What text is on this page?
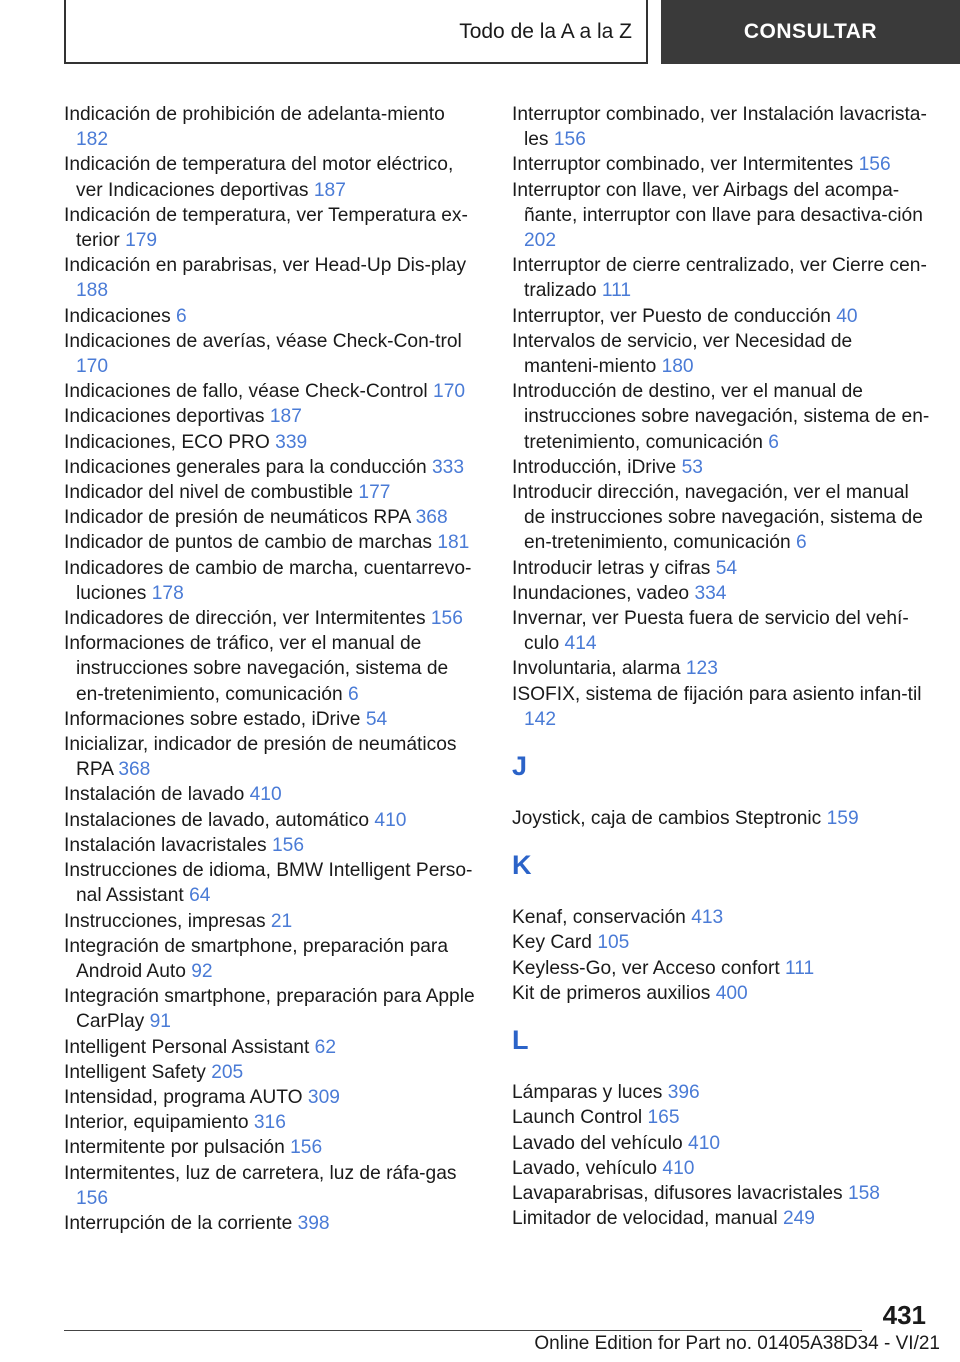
Todo de la A a la Z	CONSULTAR
Indicación de prohibición de adelanta‐miento 182
Indicación de temperatura del motor eléctrico, ver Indicaciones deportivas 187
Indicación de temperatura, ver Temperatura ex‐terior 179
Indicación en parabrisas, ver Head-Up Dis‐play 188
Indicaciones 6
Indicaciones de averías, véase Check-Con‐trol 170
Indicaciones de fallo, véase Check-Control 170
Indicaciones deportivas 187
Indicaciones, ECO PRO 339
Indicaciones generales para la conducción 333
Indicador del nivel de combustible 177
Indicador de presión de neumáticos RPA 368
Indicador de puntos de cambio de marchas 181
Indicadores de cambio de marcha, cuentarrevo‐luciones 178
Indicadores de dirección, ver Intermitentes 156
Informaciones de tráfico, ver el manual de instrucciones sobre navegación, sistema de en‐tretenimiento, comunicación 6
Informaciones sobre estado, iDrive 54
Inicializar, indicador de presión de neumáticos RPA 368
Instalación de lavado 410
Instalaciones de lavado, automático 410
Instalación lavacristales 156
Instrucciones de idioma, BMW Intelligent Perso‐nal Assistant 64
Instrucciones, impresas 21
Integración de smartphone, preparación para Android Auto 92
Integración smartphone, preparación para Apple CarPlay 91
Intelligent Personal Assistant 62
Intelligent Safety 205
Intensidad, programa AUTO 309
Interior, equipamiento 316
Intermitente por pulsación 156
Intermitentes, luz de carretera, luz de ráfa‐gas 156
Interrupción de la corriente 398
Interruptor combinado, ver Instalación lavacrista‐les 156
Interruptor combinado, ver Intermitentes 156
Interruptor con llave, ver Airbags del acompa‐ñante, interruptor con llave para desactiva‐ción 202
Interruptor de cierre centralizado, ver Cierre cen‐tralizado 111
Interruptor, ver Puesto de conducción 40
Intervalos de servicio, ver Necesidad de manteni‐miento 180
Introducción de destino, ver el manual de instrucciones sobre navegación, sistema de en‐tretenimiento, comunicación 6
Introducción, iDrive 53
Introducir dirección, navegación, ver el manual de instrucciones sobre navegación, sistema de en‐tretenimiento, comunicación 6
Introducir letras y cifras 54
Inundaciones, vadeo 334
Invernar, ver Puesta fuera de servicio del vehí‐culo 414
Involuntaria, alarma 123
ISOFIX, sistema de fijación para asiento infan‐til 142
J
Joystick, caja de cambios Steptronic 159
K
Kenaf, conservación 413
Key Card 105
Keyless-Go, ver Acceso confort 111
Kit de primeros auxilios 400
L
Lámparas y luces 396
Launch Control 165
Lavado del vehículo 410
Lavado, vehículo 410
Lavaparabrisas, difusores lavacristales 158
Limitador de velocidad, manual 249
431
Online Edition for Part no. 01405A38D34 - VI/21
